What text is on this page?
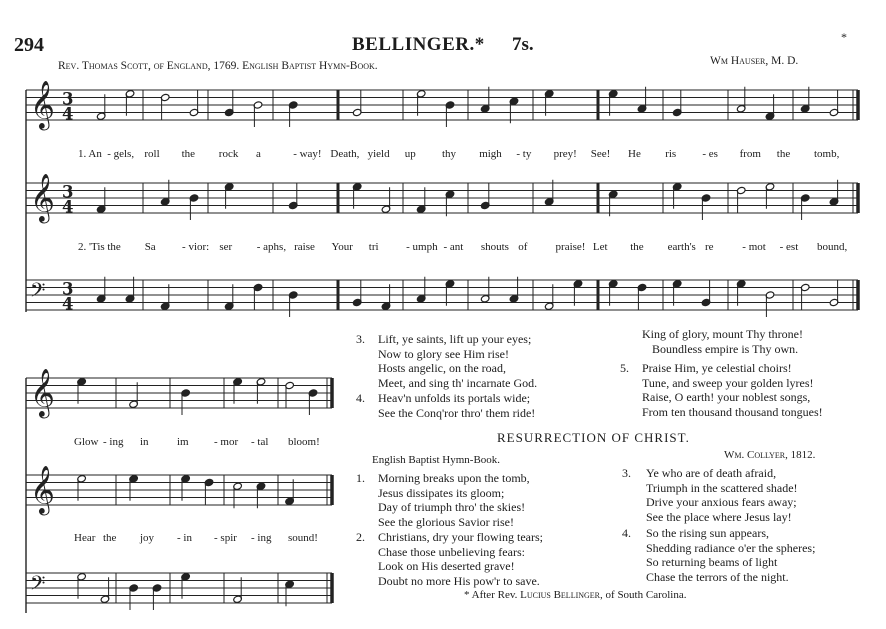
294	BELLINGER.* 7s.	*
Rev. Thomas Scott, of England, 1769. English Baptist Hymn-Book.	Wm Hauser, M. D.
𝄞 3
4
𝄞 3
4
𝄢 3
4
𝄞
𝄞
𝄢
1. An - gels, roll the rock a	- way! Death, yield up thy migh - ty prey! See! He ris - es from the tomb,
2. 'Tis the Sa - vior: ser - aphs, raise Your tri	- umph - ant shouts of	praise! Let the earth's re	- mot - est bound,
Glow - ing in	im - mor - tal bloom!
Hear the joy - in - spir - ing sound!
3. Lift, ye saints, lift up your eyes;
Now to glory see Him rise!
Hosts angelic, on the road,
Meet, and sing th' incarnate God.
4. Heav'n unfolds its portals wide;
See the Conq'ror thro' them ride!
King of glory, mount Thy throne!
Boundless empire is Thy own.
5. Praise Him, ye celestial choirs!
Tune, and sweep your golden lyres!
Raise, O earth! your noblest songs,
From ten thousand thousand tongues!
RESURRECTION OF CHRIST.
English Baptist Hymn-Book.	Wm. Collyer, 1812.
1. Morning breaks upon the tomb,
Jesus dissipates its gloom;
Day of triumph thro' the skies!
See the glorious Savior rise!
2. Christians, dry your flowing tears;
Chase those unbelieving fears:
Look on His deserted grave!
Doubt no more His pow'r to save.
3. Ye who are of death afraid,
Triumph in the scattered shade!
Drive your anxious fears away;
See the place where Jesus lay!
4. So the rising sun appears,
Shedding radiance o'er the spheres;
So returning beams of light
Chase the terrors of the night.
* After Rev. Lucius Bellinger, of South Carolina.
